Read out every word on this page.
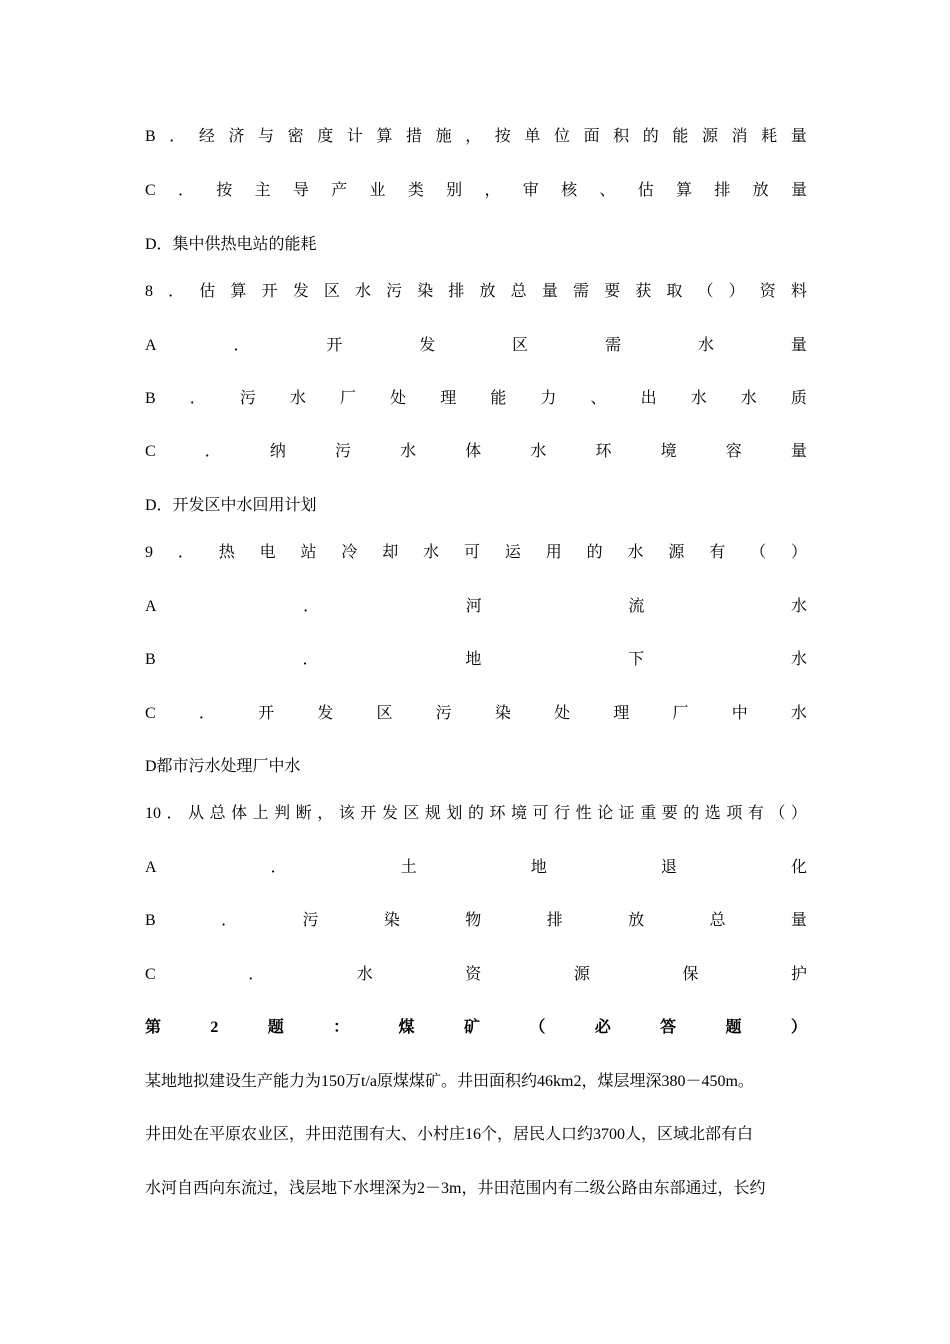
B ． 经 济 与 密 度 计 算 措 施 ， 按 单 位 面 积 的 能 源 消 耗 量
C ． 按 主 导 产 业 类 别 ， 审 核 、 估 算 排 放 量
D．集中供热电站的能耗
8 ． 估 算 开 发 区 水 污 染 排 放 总 量 需 要 获 取 （ ） 资 料
A	．	开	发	区	需	水	量
B ． 污 水 厂 处 理 能 力 、 出 水 水 质
C	．	纳	污	水	体	水	环	境	容	量
D．开发区中水回用计划
9 ． 热 电 站 冷 却 水 可 运 用 的 水 源 有 （ ）
A	．	河	流	水
B	．	地	下	水
C	．	开	发	区	污	染	处	理	厂	中	水
D都市污水处理厂中水
10 ． 从 总 体 上 判 断 ， 该 开 发 区 规 划 的 环 境 可 行 性 论 证 重 要 的 选 项 有 （ ）
A	．	土	地	退	化
B	．	污	染	物	排	放	总	量
C	．	水	资	源	保	护
第	2	题	：	煤	矿	（	必	答	题	）
某地地拟建设生产能力为150万t/a原煤煤矿。井田面积约46km2，煤层埋深380－450m。
井田处在平原农业区，井田范围有大、小村庄16个，居民人口约3700人，区域北部有白
水河自西向东流过，浅层地下水埋深为2－3m，井田范围内有二级公路由东部通过，长约
